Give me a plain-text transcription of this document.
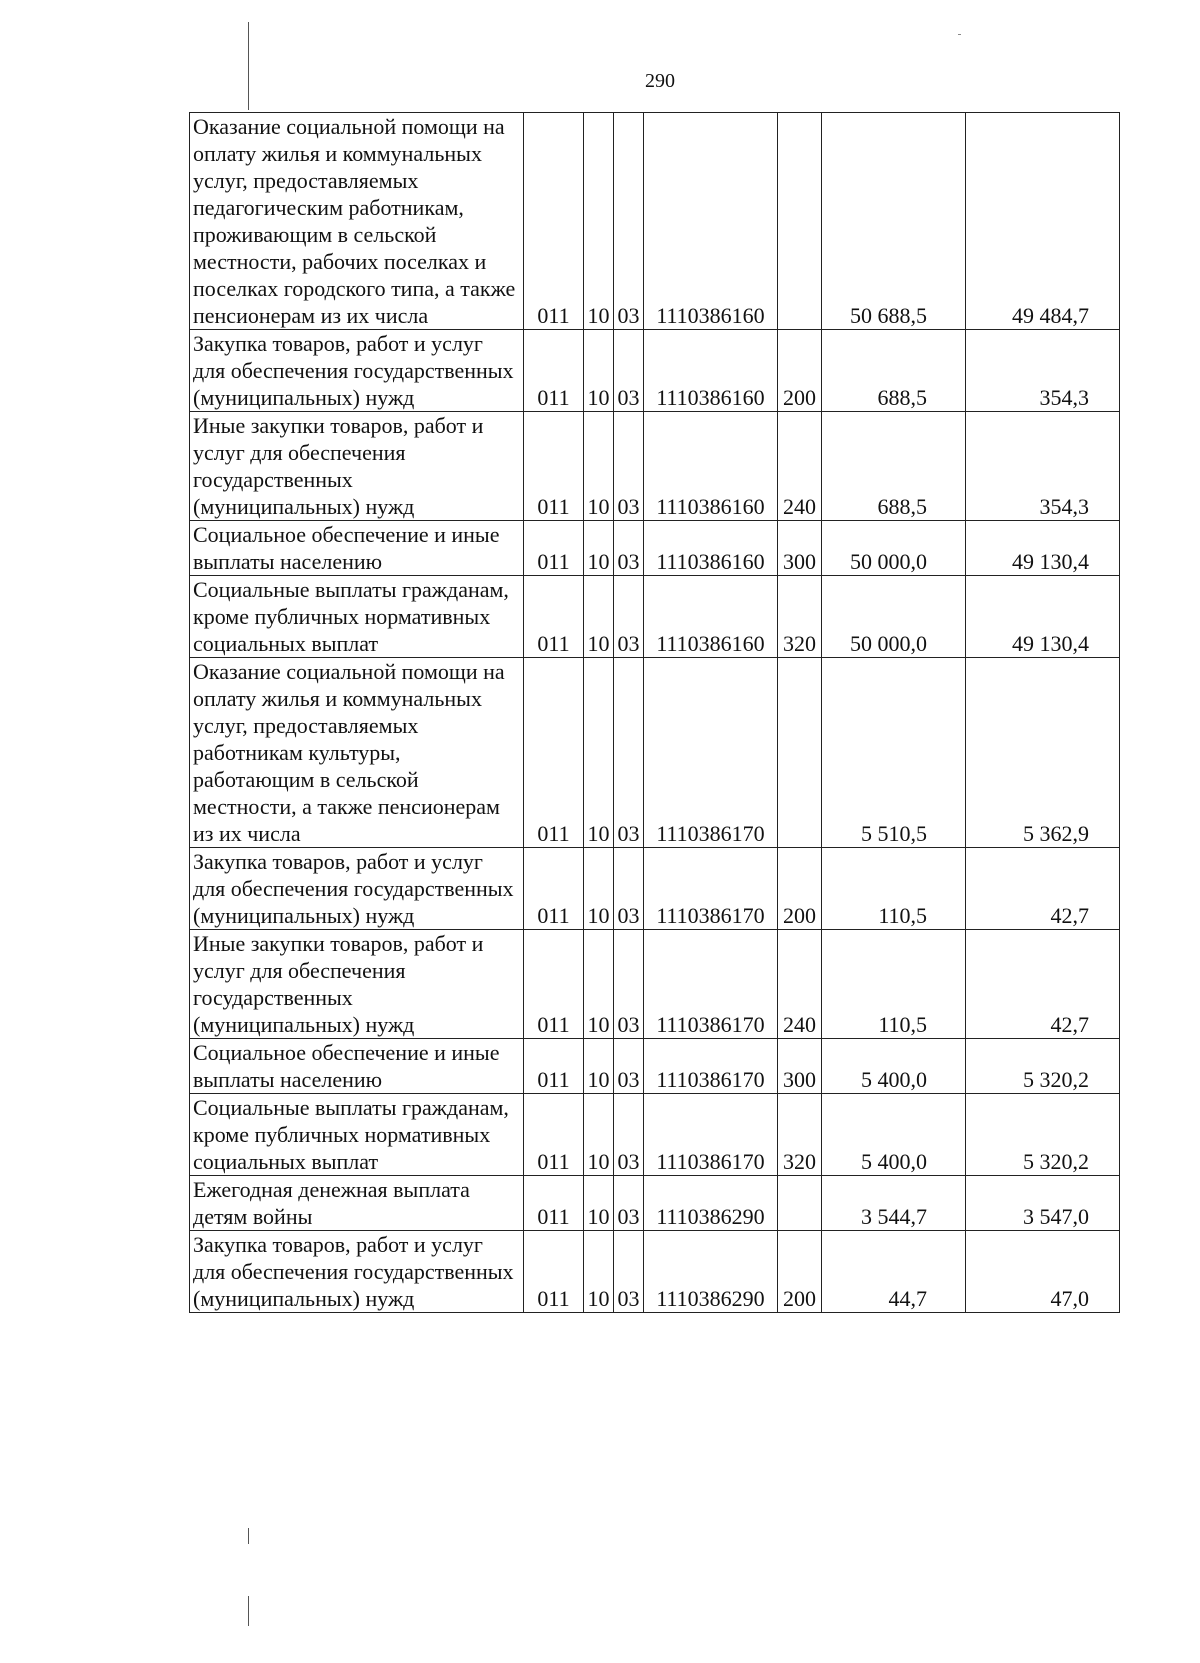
290
Оказание социальной помощи на оплату жилья и коммунальных услуг, предоставляемых педагогическим работникам, проживающим в сельской местности, рабочих поселках и поселках городского типа, а также пенсионерам из их числа	011	10	03	1110386160		50 688,5	49 484,7
Закупка товаров, работ и услуг для обеспечения государственных (муниципальных) нужд	011	10	03	1110386160	200	688,5	354,3
Иные закупки товаров, работ и услуг для обеспечения государственных (муниципальных) нужд	011	10	03	1110386160	240	688,5	354,3
Социальное обеспечение и иные выплаты населению	011	10	03	1110386160	300	50 000,0	49 130,4
Социальные выплаты гражданам, кроме публичных нормативных социальных выплат	011	10	03	1110386160	320	50 000,0	49 130,4
Оказание социальной помощи на оплату жилья и коммунальных услуг, предоставляемых работникам культуры, работающим в сельской местности, а также пенсионерам из их числа	011	10	03	1110386170		5 510,5	5 362,9
Закупка товаров, работ и услуг для обеспечения государственных (муниципальных) нужд	011	10	03	1110386170	200	110,5	42,7
Иные закупки товаров, работ и услуг для обеспечения государственных (муниципальных) нужд	011	10	03	1110386170	240	110,5	42,7
Социальное обеспечение и иные выплаты населению	011	10	03	1110386170	300	5 400,0	5 320,2
Социальные выплаты гражданам, кроме публичных нормативных социальных выплат	011	10	03	1110386170	320	5 400,0	5 320,2
Ежегодная денежная выплата детям войны	011	10	03	1110386290		3 544,7	3 547,0
Закупка товаров, работ и услуг для обеспечения государственных (муниципальных) нужд	011	10	03	1110386290	200	44,7	47,0
